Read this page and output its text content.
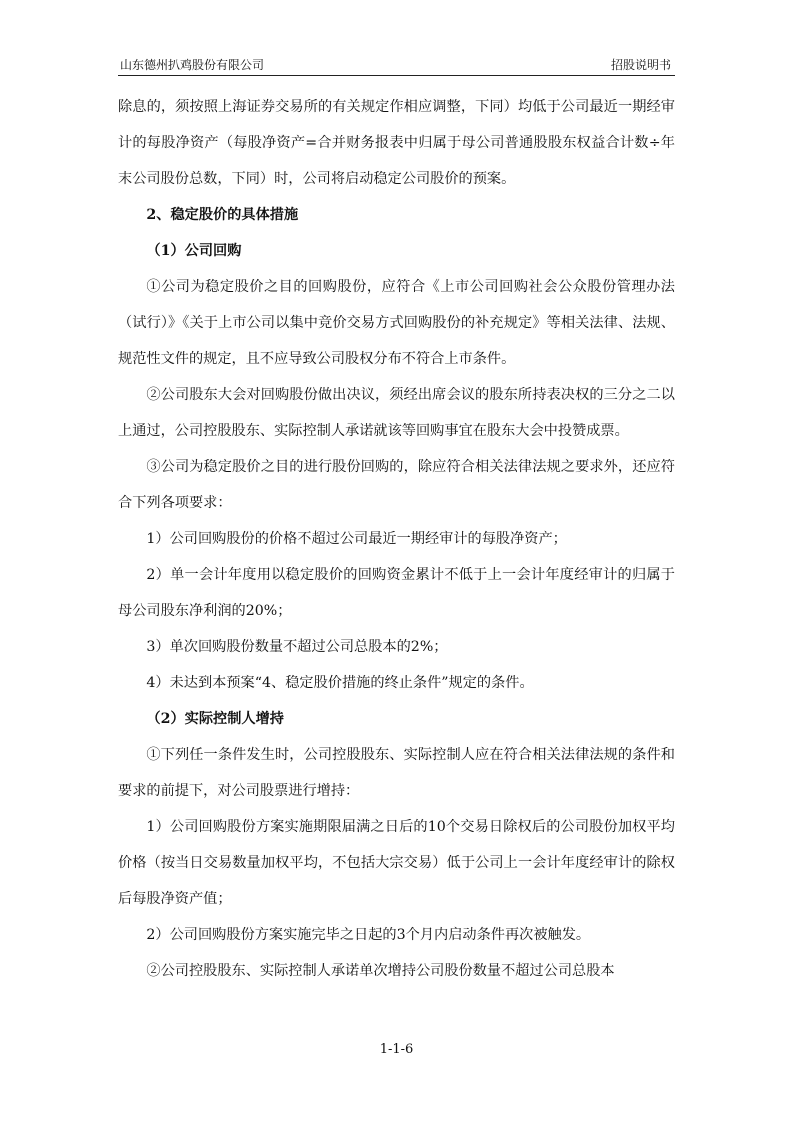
山东德州扒鸡股份有限公司	招股说明书

除息的，须按照上海证券交易所的有关规定作相应调整，下同）均低于公司最近一期经审计的每股净资产（每股净资产=合并财务报表中归属于母公司普通股股东权益合计数÷年末公司股份总数，下同）时，公司将启动稳定公司股价的预案。

2、稳定股价的具体措施

（1）公司回购

①公司为稳定股价之目的回购股份，应符合《上市公司回购社会公众股份管理办法（试行）》《关于上市公司以集中竞价交易方式回购股份的补充规定》等相关法律、法规、规范性文件的规定，且不应导致公司股权分布不符合上市条件。

②公司股东大会对回购股份做出决议，须经出席会议的股东所持表决权的三分之二以上通过，公司控股股东、实际控制人承诺就该等回购事宜在股东大会中投赞成票。

③公司为稳定股价之目的进行股份回购的，除应符合相关法律法规之要求外，还应符合下列各项要求：

1）公司回购股份的价格不超过公司最近一期经审计的每股净资产；

2）单一会计年度用以稳定股价的回购资金累计不低于上一会计年度经审计的归属于母公司股东净利润的20%；

3）单次回购股份数量不超过公司总股本的2%；

4）未达到本预案“4、稳定股价措施的终止条件”规定的条件。

（2）实际控制人增持

①下列任一条件发生时，公司控股股东、实际控制人应在符合相关法律法规的条件和要求的前提下，对公司股票进行增持：

1）公司回购股份方案实施期限届满之日后的10个交易日除权后的公司股份加权平均价格（按当日交易数量加权平均，不包括大宗交易）低于公司上一会计年度经审计的除权后每股净资产值；

2）公司回购股份方案实施完毕之日起的3个月内启动条件再次被触发。

②公司控股股东、实际控制人承诺单次增持公司股份数量不超过公司总股本

1-1-6
